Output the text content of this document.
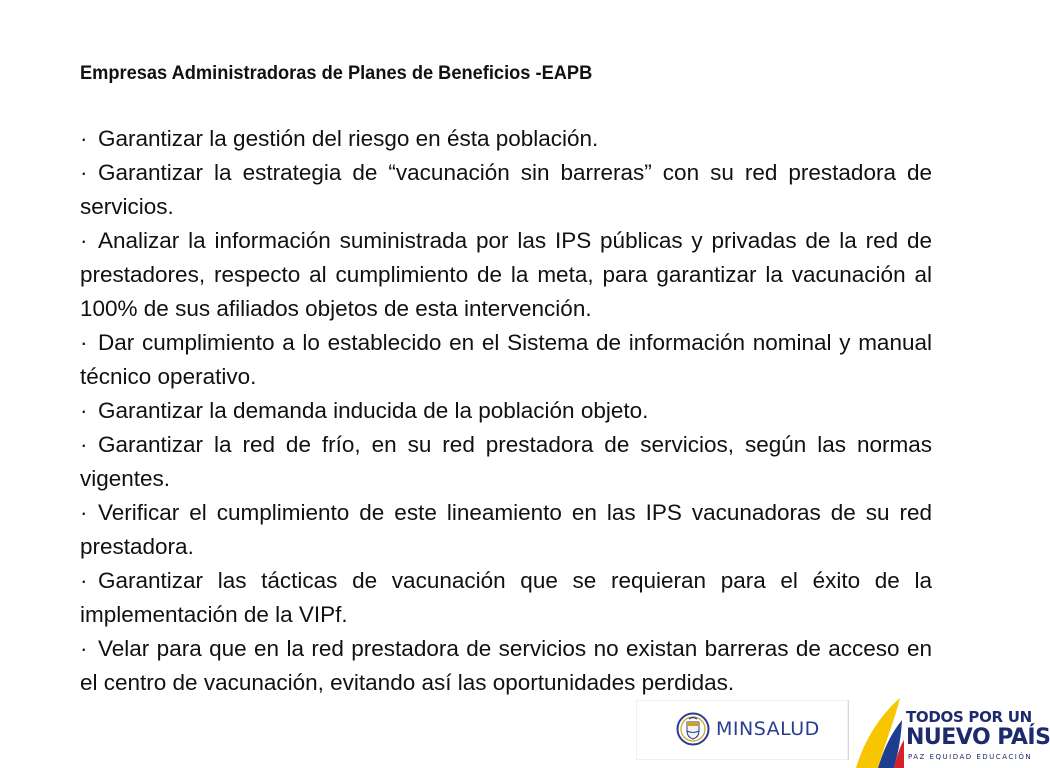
Empresas Administradoras de Planes de Beneficios -EAPB
· Garantizar la gestión del riesgo en ésta población.
· Garantizar la estrategia de “vacunación sin barreras” con su red prestadora de servicios.
· Analizar la información suministrada por las IPS públicas y privadas de la red de prestadores, respecto al cumplimiento de la meta, para garantizar la vacunación al 100% de sus afiliados objetos de esta intervención.
· Dar cumplimiento a lo establecido en el Sistema de información nominal y manual técnico operativo.
· Garantizar la demanda inducida de la población objeto.
· Garantizar la red de frío, en su red prestadora de servicios, según las normas vigentes.
· Verificar el cumplimiento de este lineamiento en las IPS vacunadoras de su red prestadora.
· Garantizar las tácticas de vacunación que se requieran para el éxito de la implementación de la VIPf.
· Velar para que en la red prestadora de servicios no existan barreras de acceso en el centro de vacunación, evitando así las oportunidades perdidas.
MINSALUD
TODOS POR UN
NUEVO PAÍS
PAZ EQUIDAD EDUCACIÓN
